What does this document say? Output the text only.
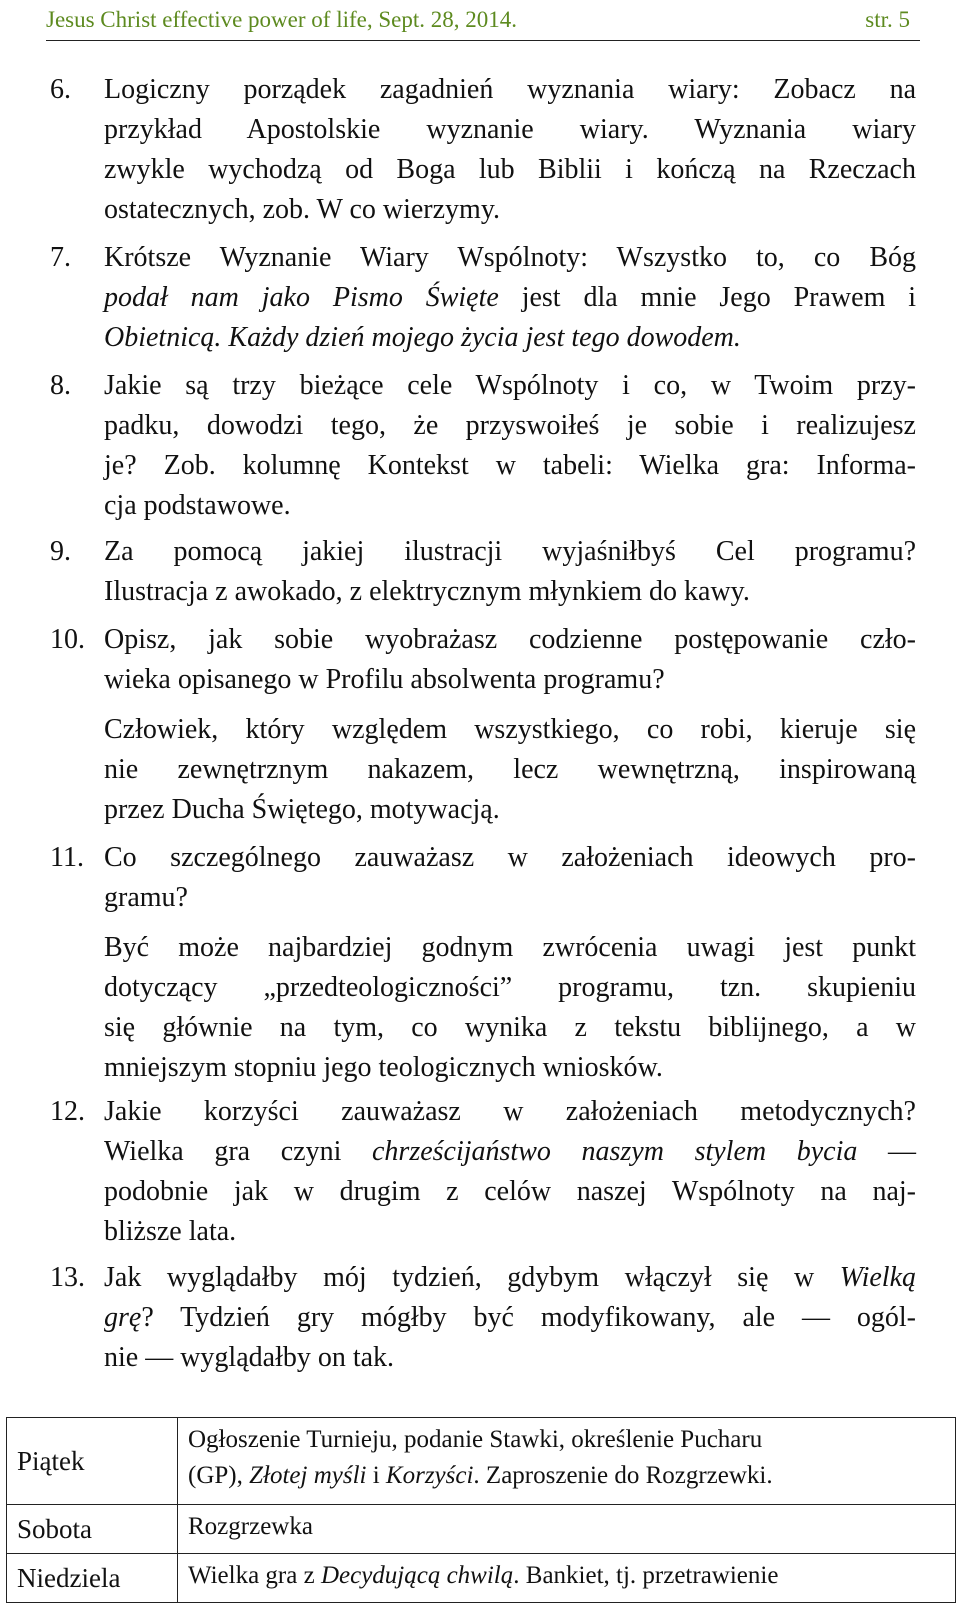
Jesus Christ effective power of life, Sept. 28, 2014.	str. 5
6. Logiczny porządek zagadnień wyznania wiary: Zobacz na
przykład Apostolskie wyznanie wiary. Wyznania wiary
zwykle wychodzą od Boga lub Biblii i kończą na Rzeczach
ostatecznych, zob. W co wierzymy.
7. Krótsze Wyznanie Wiary Wspólnoty: Wszystko to, co Bóg
podał nam jako Pismo Święte jest dla mnie Jego Prawem i
Obietnicą. Każdy dzień mojego życia jest tego dowodem.
8. Jakie są trzy bieżące cele Wspólnoty i co, w Twoim przy-
padku, dowodzi tego, że przyswoiłeś je sobie i realizujesz
je? Zob. kolumnę Kontekst w tabeli: Wielka gra: Informa-
cja podstawowe.
9. Za pomocą jakiej ilustracji wyjaśniłbyś Cel programu?
Ilustracja z awokado, z elektrycznym młynkiem do kawy.
10. Opisz, jak sobie wyobrażasz codzienne postępowanie czło-
wieka opisanego w Profilu absolwenta programu?
Człowiek, który względem wszystkiego, co robi, kieruje się
nie zewnętrznym nakazem, lecz wewnętrzną, inspirowaną
przez Ducha Świętego, motywacją.
11. Co szczególnego zauważasz w założeniach ideowych pro-
gramu?
Być może najbardziej godnym zwrócenia uwagi jest punkt
dotyczący „przedteologiczności” programu, tzn. skupieniu
się głównie na tym, co wynika z tekstu biblijnego, a w
mniejszym stopniu jego teologicznych wniosków.
12. Jakie korzyści zauważasz w założeniach metodycznych?
Wielka gra czyni chrześcijaństwo naszym stylem bycia —
podobnie jak w drugim z celów naszej Wspólnoty na naj-
bliższe lata.
13. Jak wyglądałby mój tydzień, gdybym włączył się w Wielką
grę? Tydzień gry mógłby być modyfikowany, ale — ogól-
nie — wyglądałby on tak.
Piątek	Ogłoszenie Turnieju, podanie Stawki, określenie Pucharu
(GP), Złotej myśli i Korzyści. Zaproszenie do Rozgrzewki.
Sobota	Rozgrzewka
Niedziela	Wielka gra z Decydującą chwilą. Bankiet, tj. przetrawienie
